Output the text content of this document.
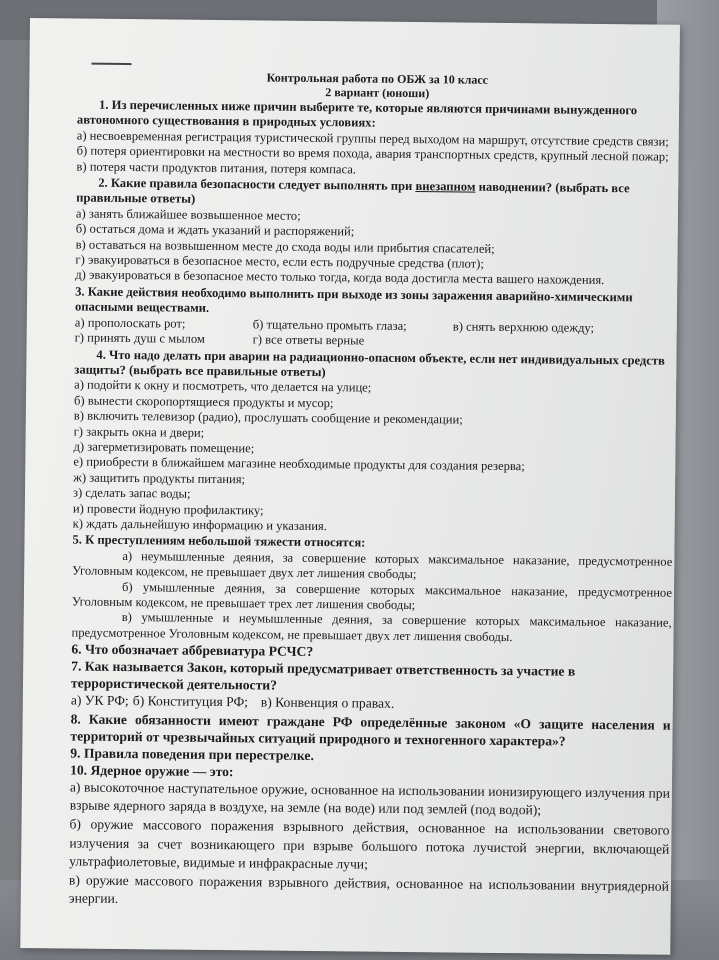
Контрольная работа по ОБЖ за 10 класс
2 вариант (юноши)
1. Из перечисленных ниже причин выберите те, которые являются причинами вынужденного автономного существования в природных условиях:
а) несвоевременная регистрация туристической группы перед выходом на маршрут, отсутствие средств связи;
б) потеря ориентировки на местности во время похода, авария транспортных средств, крупный лесной пожар;
в) потеря части продуктов питания, потеря компаса.
2. Какие правила безопасности следует выполнять при внезапном наводнении? (выбрать все правильные ответы)
а) занять ближайшее возвышенное место;
б) остаться дома и ждать указаний и распоряжений;
в) оставаться на возвышенном месте до схода воды или прибытия спасателей;
г) эвакуироваться в безопасное место, если есть подручные средства (плот);
д) эвакуироваться в безопасное место только тогда, когда вода достигла места вашего нахождения.
3. Какие действия необходимо выполнить при выходе из зоны заражения аварийно-химическими опасными веществами.
а) прополоскать рот;	б) тщательно промыть глаза;	в) снять верхнюю одежду;
г) принять душ с мылом	г) все ответы верные
4. Что надо делать при аварии на радиационно-опасном объекте, если нет индивидуальных средств защиты? (выбрать все правильные ответы)
а) подойти к окну и посмотреть, что делается на улице;
б) вынести скоропортящиеся продукты и мусор;
в) включить телевизор (радио), прослушать сообщение и рекомендации;
г) закрыть окна и двери;
д) загерметизировать помещение;
е) приобрести в ближайшем магазине необходимые продукты для создания резерва;
ж) защитить продукты питания;
з) сделать запас воды;
и) провести йодную профилактику;
к) ждать дальнейшую информацию и указания.
5. К преступлениям небольшой тяжести относятся:
а) неумышленные деяния, за совершение которых максимальное наказание, предусмотренное Уголовным кодексом, не превышает двух лет лишения свободы;
б) умышленные деяния, за совершение которых максимальное наказание, предусмотренное Уголовным кодексом, не превышает трех лет лишения свободы;
в) умышленные и неумышленные деяния, за совершение которых максимальное наказание, предусмотренное Уголовным кодексом, не превышает двух лет лишения свободы.
6. Что обозначает аббревиатура РСЧС?
7. Как называется Закон, который предусматривает ответственность за участие в террористической деятельности?
а) УК РФ; б) Конституция РФ; в) Конвенция о правах.
8. Какие обязанности имеют граждане РФ определённые законом «О защите населения и территорий от чрезвычайных ситуаций природного и техногенного характера»?
9. Правила поведения при перестрелке.
10. Ядерное оружие — это:
а) высокоточное наступательное оружие, основанное на использовании ионизирующего излучения при взрыве ядерного заряда в воздухе, на земле (на воде) или под землей (под водой);
б) оружие массового поражения взрывного действия, основанное на использовании светового излучения за счет возникающего при взрыве большого потока лучистой энергии, включающей ультрафиолетовые, видимые и инфракрасные лучи;
в) оружие массового поражения взрывного действия, основанное на использовании внутриядерной энергии.
